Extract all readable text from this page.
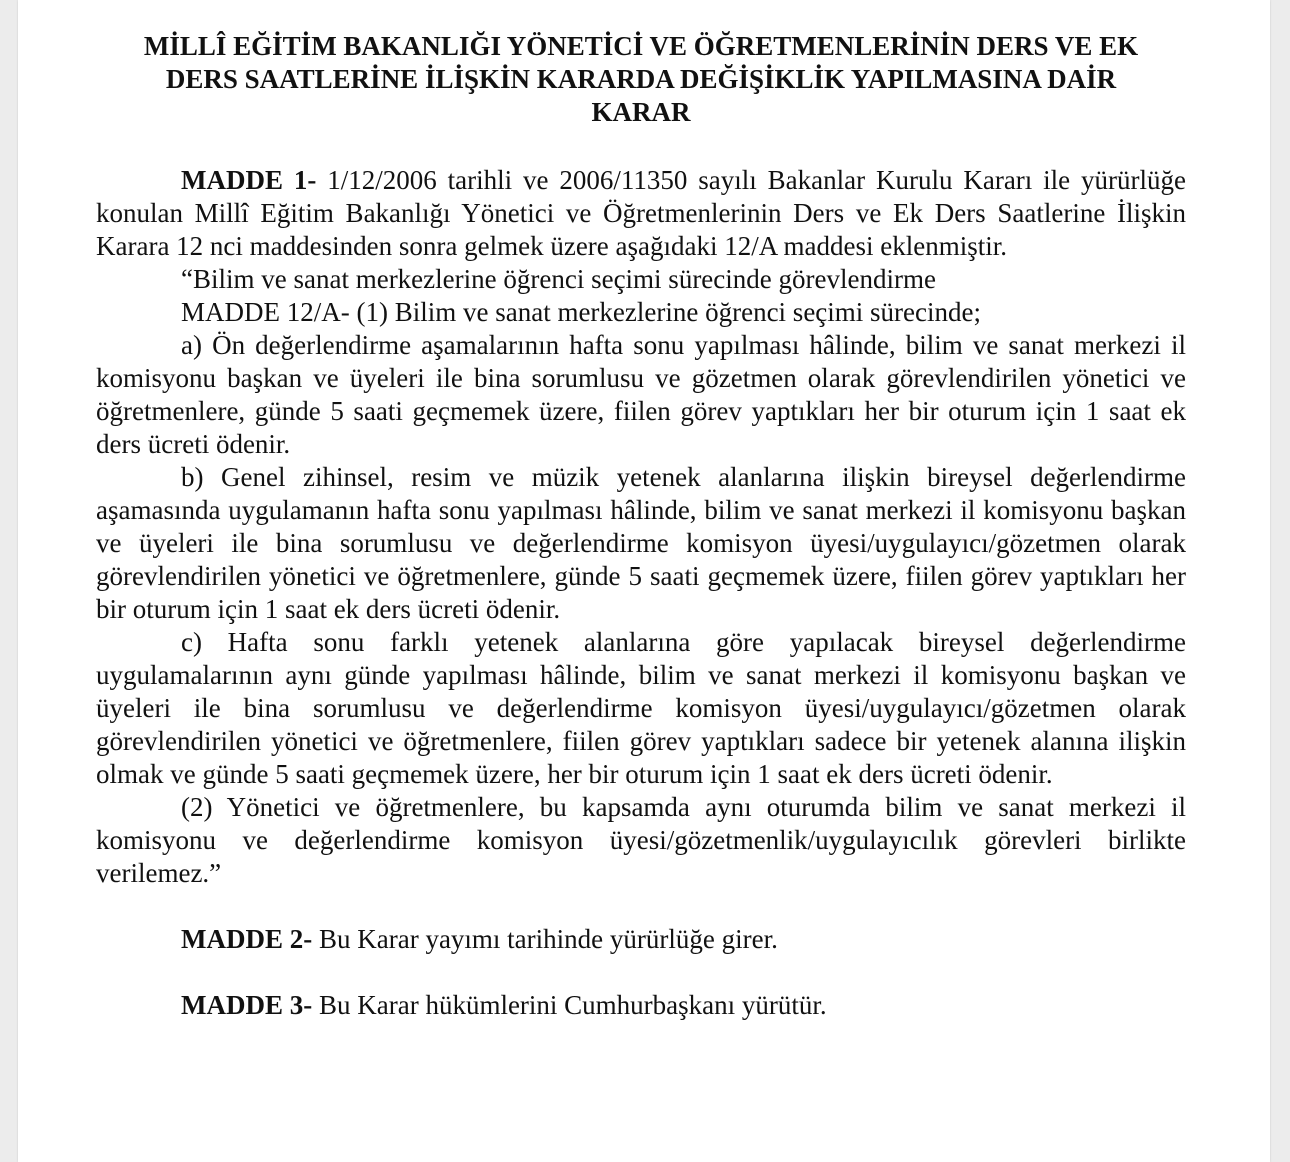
MİLLÎ EĞİTİM BAKANLIĞI YÖNETİCİ VE ÖĞRETMENLERİNİN DERS VE EK
DERS SAATLERİNE İLİŞKİN KARARDA DEĞİŞİKLİK YAPILMASINA DAİR
KARAR

MADDE 1- 1/12/2006 tarihli ve 2006/11350 sayılı Bakanlar Kurulu Kararı ile yürürlüğe konulan Millî Eğitim Bakanlığı Yönetici ve Öğretmenlerinin Ders ve Ek Ders Saatlerine İlişkin Karara 12 nci maddesinden sonra gelmek üzere aşağıdaki 12/A maddesi eklenmiştir.

“Bilim ve sanat merkezlerine öğrenci seçimi sürecinde görevlendirme

MADDE 12/A- (1) Bilim ve sanat merkezlerine öğrenci seçimi sürecinde;

a) Ön değerlendirme aşamalarının hafta sonu yapılması hâlinde, bilim ve sanat merkezi il komisyonu başkan ve üyeleri ile bina sorumlusu ve gözetmen olarak görevlendirilen yönetici ve öğretmenlere, günde 5 saati geçmemek üzere, fiilen görev yaptıkları her bir oturum için 1 saat ek ders ücreti ödenir.

b) Genel zihinsel, resim ve müzik yetenek alanlarına ilişkin bireysel değerlendirme aşamasında uygulamanın hafta sonu yapılması hâlinde, bilim ve sanat merkezi il komisyonu başkan ve üyeleri ile bina sorumlusu ve değerlendirme komisyon üyesi/uygulayıcı/gözetmen olarak görevlendirilen yönetici ve öğretmenlere, günde 5 saati geçmemek üzere, fiilen görev yaptıkları her bir oturum için 1 saat ek ders ücreti ödenir.

c) Hafta sonu farklı yetenek alanlarına göre yapılacak bireysel değerlendirme uygulamalarının aynı günde yapılması hâlinde, bilim ve sanat merkezi il komisyonu başkan ve üyeleri ile bina sorumlusu ve değerlendirme komisyon üyesi/uygulayıcı/gözetmen olarak görevlendirilen yönetici ve öğretmenlere, fiilen görev yaptıkları sadece bir yetenek alanına ilişkin olmak ve günde 5 saati geçmemek üzere, her bir oturum için 1 saat ek ders ücreti ödenir.

(2) Yönetici ve öğretmenlere, bu kapsamda aynı oturumda bilim ve sanat merkezi il komisyonu ve değerlendirme komisyon üyesi/gözetmenlik/uygulayıcılık görevleri birlikte verilemez.”

MADDE 2- Bu Karar yayımı tarihinde yürürlüğe girer.

MADDE 3- Bu Karar hükümlerini Cumhurbaşkanı yürütür.
